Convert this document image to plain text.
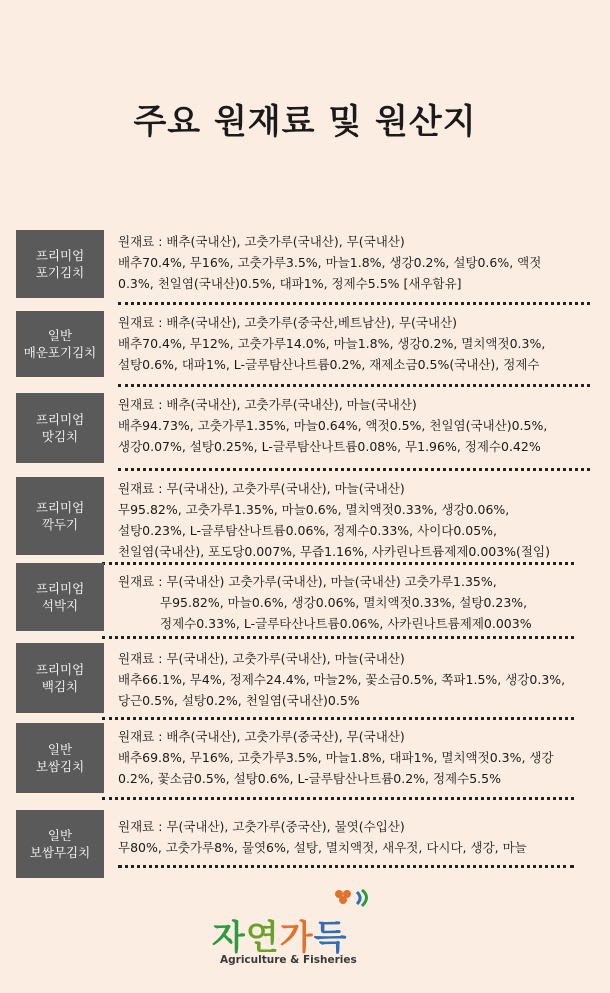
주요 원재료 및 원산지
프리미엄
포기김치
원재료 : 배추(국내산), 고춧가루(국내산), 무(국내산)
배추70.4%, 무16%, 고춧가루3.5%, 마늘1.8%, 생강0.2%, 설탕0.6%, 액젓
0.3%, 천일염(국내산)0.5%, 대파1%, 정제수5.5% [새우함유]
일반
매운포기김치
원재료 : 배추(국내산), 고춧가루(중국산,베트남산), 무(국내산)
배추70.4%, 무12%, 고춧가루14.0%, 마늘1.8%, 생강0.2%, 멸치액젓0.3%,
설탕0.6%, 대파1%, L-글루탐산나트륨0.2%, 재제소금0.5%(국내산), 정제수
프리미엄
맛김치
원재료 : 배추(국내산), 고춧가루(국내산), 마늘(국내산)
배추94.73%, 고춧가루1.35%, 마늘0.64%, 액젓0.5%, 천일염(국내산)0.5%,
생강0.07%, 설탕0.25%, L-글루탐산나트륨0.08%, 무1.96%, 정제수0.42%
프리미엄
깍두기
원재료 : 무(국내산), 고춧가루(국내산), 마늘(국내산)
무95.82%, 고춧가루1.35%, 마늘0.6%, 멸치액젓0.33%, 생강0.06%,
설탕0.23%, L-글루탐산나트륨0.06%, 정제수0.33%, 사이다0.05%,
천일염(국내산), 포도당0.007%, 무즙1.16%, 사카린나트륨제제0.003%(절임)
프리미엄
석박지
원재료 : 무(국내산) 고춧가루(국내산), 마늘(국내산) 고춧가루1.35%,
무95.82%, 마늘0.6%, 생강0.06%, 멸치액젓0.33%, 설탕0.23%,
정제수0.33%, L-글루타산나트륨0.06%, 사카린나트륨제제0.003%
프리미엄
백김치
원재료 : 무(국내산), 고춧가루(국내산), 마늘(국내산)
배추66.1%, 무4%, 정제수24.4%, 마늘2%, 꽃소금0.5%, 쪽파1.5%, 생강0.3%,
당근0.5%, 설탕0.2%, 천일염(국내산)0.5%
일반
보쌈김치
원재료 : 배추(국내산), 고춧가루(중국산), 무(국내산)
배추69.8%, 무16%, 고춧가루3.5%, 마늘1.8%, 대파1%, 멸치액젓0.3%, 생강
0.2%, 꽃소금0.5%, 설탕0.6%, L-글루탐산나트륨0.2%, 정제수5.5%
일반
보쌈무김치
원재료 : 무(국내산), 고춧가루(중국산), 물엿(수입산)
무80%, 고춧가루8%, 물엿6%, 설탕, 멸치액젓, 새우젓, 다시다, 생강, 마늘
자연가득
Agriculture & Fisheries
